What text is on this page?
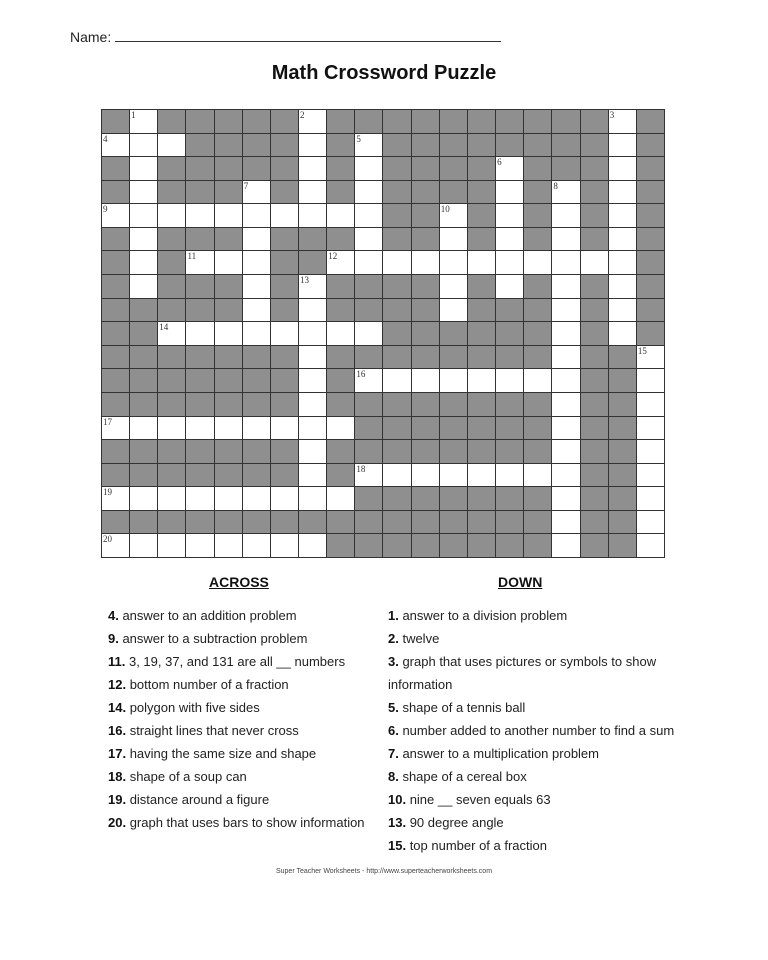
Name:
Math Crossword Puzzle
1	2	3
4	5
6
7	8
9	10
11	12
13
14
15
16
17
18
19
20
ACROSS	DOWN

4. answer to an addition problem

9. answer to a subtraction problem

11. 3, 19, 37, and 131 are all __ numbers

12. bottom number of a fraction

14. polygon with five sides

16. straight lines that never cross

17. having the same size and shape

18. shape of a soup can

19. distance around a figure

20. graph that uses bars to show information

1. answer to a division problem

2. twelve

3. graph that uses pictures or symbols to show information

5. shape of a tennis ball

6. number added to another number to find a sum

7. answer to a multiplication problem

8. shape of a cereal box

10. nine __ seven equals 63

13. 90 degree angle

15. top number of a fraction

Super Teacher Worksheets - http://www.superteacherworksheets.com
